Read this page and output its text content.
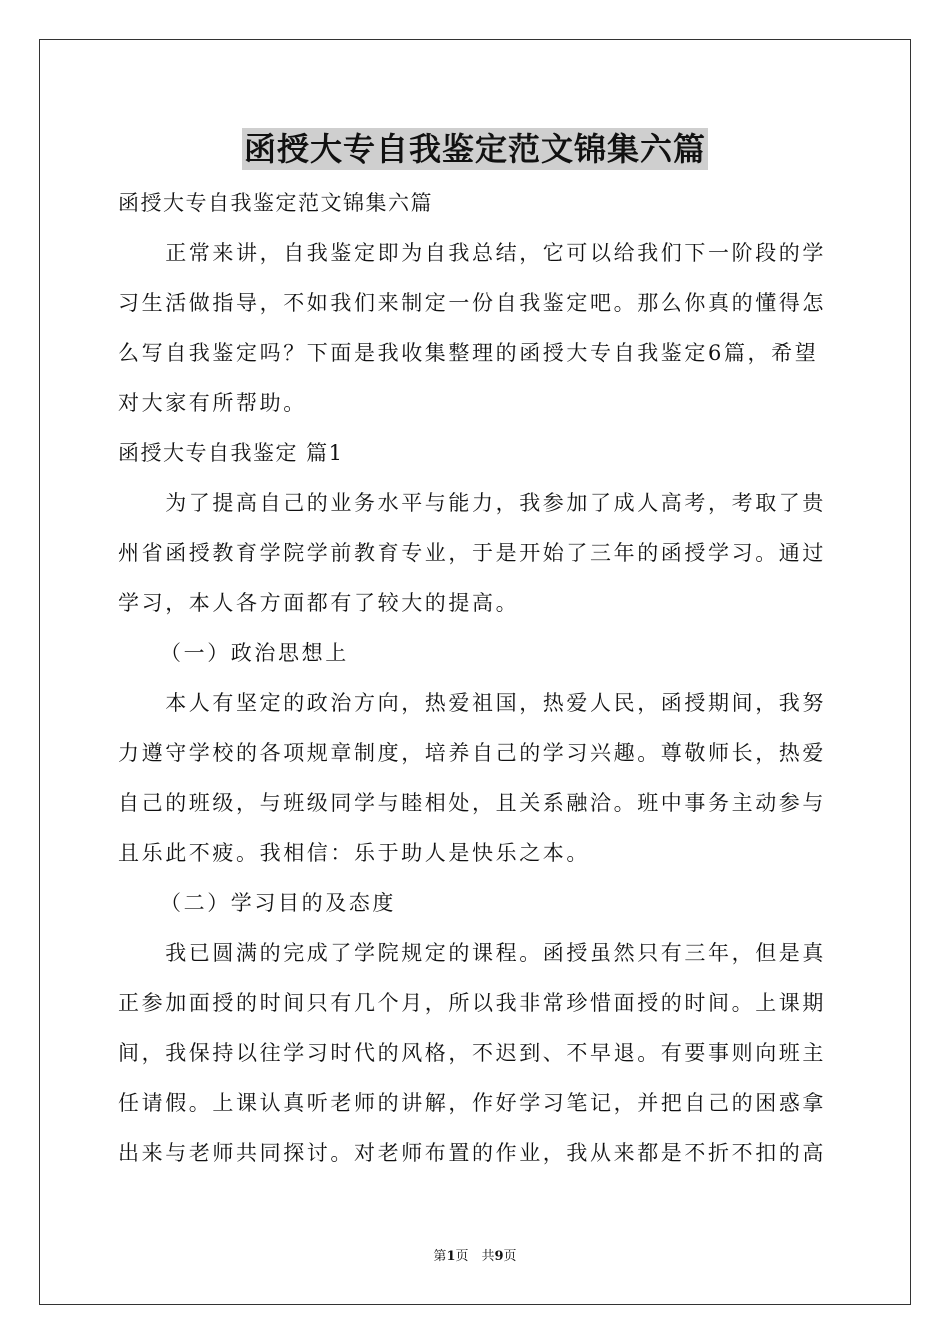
函授大专自我鉴定范文锦集六篇
函授大专自我鉴定范文锦集六篇
　　正常来讲，自我鉴定即为自我总结，它可以给我们下一阶段的学
习生活做指导，不如我们来制定一份自我鉴定吧。那么你真的懂得怎
么写自我鉴定吗？下面是我收集整理的函授大专自我鉴定6篇，希望
对大家有所帮助。
函授大专自我鉴定 篇1
　　为了提高自己的业务水平与能力，我参加了成人高考，考取了贵
州省函授教育学院学前教育专业，于是开始了三年的函授学习。通过
学习，本人各方面都有了较大的提高。
（一）政治思想上
　　本人有坚定的政治方向，热爱祖国，热爱人民，函授期间，我努
力遵守学校的各项规章制度，培养自己的学习兴趣。尊敬师长，热爱
自己的班级，与班级同学与睦相处，且关系融洽。班中事务主动参与
且乐此不疲。我相信：乐于助人是快乐之本。
（二）学习目的及态度
　　我已圆满的完成了学院规定的课程。函授虽然只有三年，但是真
正参加面授的时间只有几个月，所以我非常珍惜面授的时间。上课期
间，我保持以往学习时代的风格，不迟到、不早退。有要事则向班主
任请假。上课认真听老师的讲解，作好学习笔记，并把自己的困惑拿
出来与老师共同探讨。对老师布置的作业，我从来都是不折不扣的高
第1页　共9页
